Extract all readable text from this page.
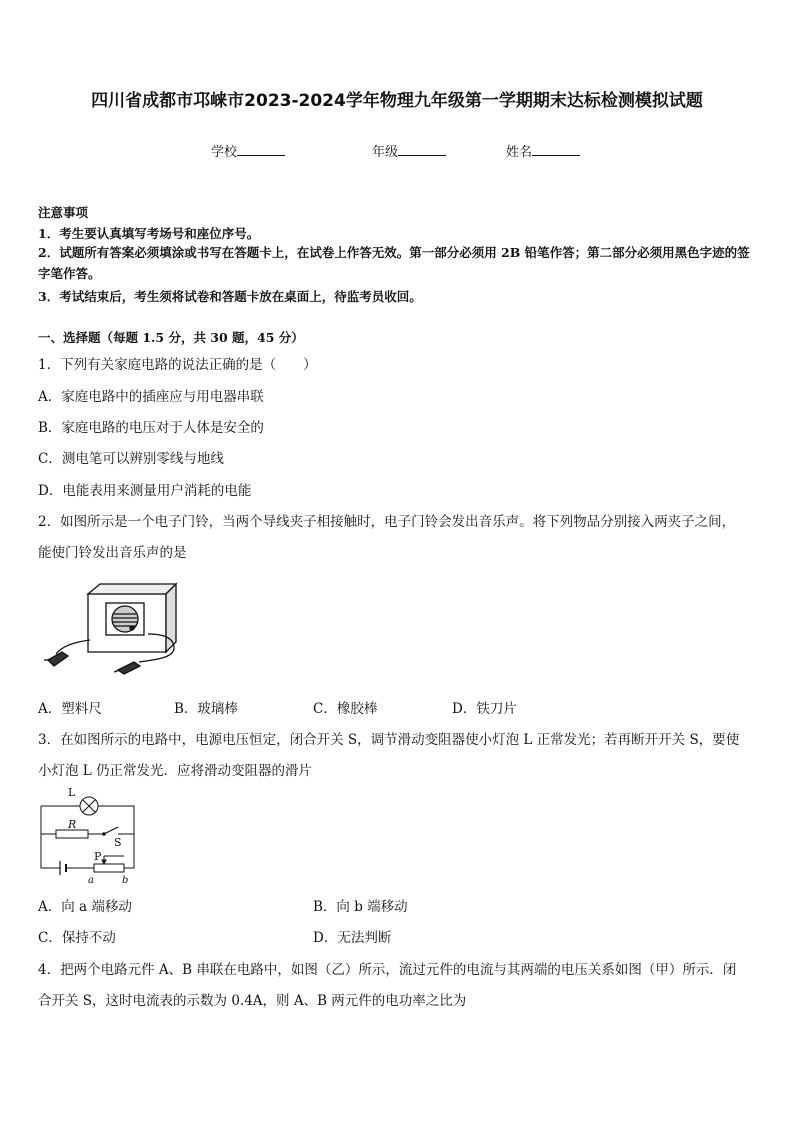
四川省成都市邛崃市2023-2024学年物理九年级第一学期期末达标检测模拟试题
学校	年级	姓名
注意事项
1．考生要认真填写考场号和座位序号。
2．试题所有答案必须填涂或书写在答题卡上，在试卷上作答无效。第一部分必须用 2B 铅笔作答；第二部分必须用黑色字迹的签字笔作答。
3．考试结束后，考生须将试卷和答题卡放在桌面上，待监考员收回。
一、选择题（每题 1.5 分，共 30 题，45 分）
1．下列有关家庭电路的说法正确的是（　　）
A．家庭电路中的插座应与用电器串联
B．家庭电路的电压对于人体是安全的
C．测电笔可以辨别零线与地线
D．电能表用来测量用户消耗的电能
2．如图所示是一个电子门铃，当两个导线夹子相接触时，电子门铃会发出音乐声。将下列物品分别接入两夹子之间，
能使门铃发出音乐声的是
A．塑料尺	B．玻璃棒	C．橡胶棒	D．铁刀片
3．在如图所示的电路中，电源电压恒定，闭合开关 S，调节滑动变阻器使小灯泡 L 正常发光；若再断开开关 S，要使
小灯泡 L 仍正常发光．应将滑动变阻器的滑片
L
R
S
P
a	b
A．向 a 端移动	B．向 b 端移动
C．保持不动	D．无法判断
4．把两个电路元件 A、B 串联在电路中，如图（乙）所示，流过元件的电流与其两端的电压关系如图（甲）所示．闭
合开关 S，这时电流表的示数为 0.4A，则 A、B 两元件的电功率之比为
